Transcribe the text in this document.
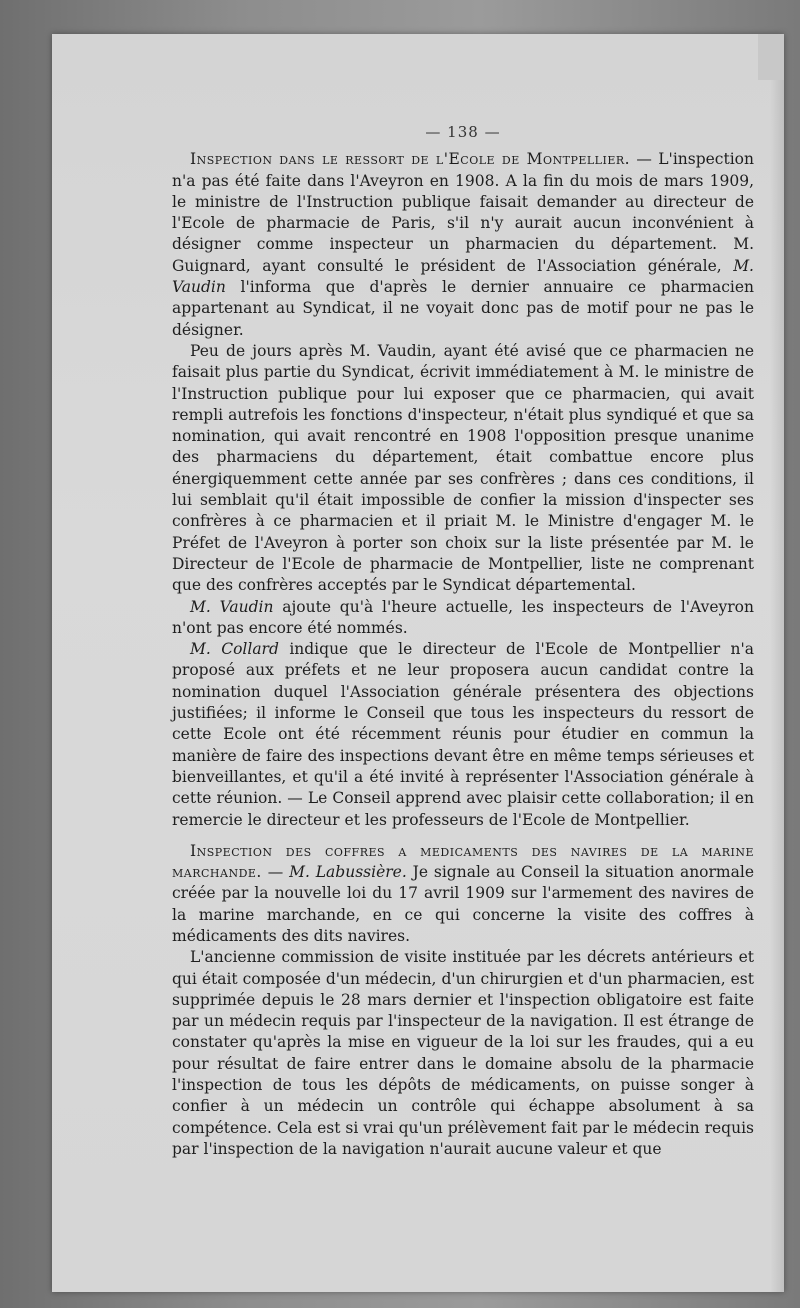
— 138 —

Inspection dans le ressort de l'Ecole de Montpellier. — L'inspection n'a pas été faite dans l'Aveyron en 1908. A la fin du mois de mars 1909, le ministre de l'Instruction publique faisait demander au directeur de l'Ecole de pharmacie de Paris, s'il n'y aurait aucun inconvénient à désigner comme inspecteur un pharmacien du département. M. Guignard, ayant consulté le président de l'Association générale, M. Vaudin l'informa que d'après le dernier annuaire ce pharmacien appartenant au Syndicat, il ne voyait donc pas de motif pour ne pas le désigner.

Peu de jours après M. Vaudin, ayant été avisé que ce pharmacien ne faisait plus partie du Syndicat, écrivit immédiatement à M. le ministre de l'Instruction publique pour lui exposer que ce pharmacien, qui avait rempli autrefois les fonctions d'inspecteur, n'était plus syndiqué et que sa nomination, qui avait rencontré en 1908 l'opposition presque unanime des pharmaciens du département, était combattue encore plus énergiquemment cette année par ses confrères ; dans ces conditions, il lui semblait qu'il était impossible de confier la mission d'inspecter ses confrères à ce pharmacien et il priait M. le Ministre d'engager M. le Préfet de l'Aveyron à porter son choix sur la liste présentée par M. le Directeur de l'Ecole de pharmacie de Montpellier, liste ne comprenant que des confrères acceptés par le Syndicat départemental.

M. Vaudin ajoute qu'à l'heure actuelle, les inspecteurs de l'Aveyron n'ont pas encore été nommés.

M. Collard indique que le directeur de l'Ecole de Montpellier n'a proposé aux préfets et ne leur proposera aucun candidat contre la nomination duquel l'Association générale présentera des objections justifiées; il informe le Conseil que tous les inspecteurs du ressort de cette Ecole ont été récemment réunis pour étudier en commun la manière de faire des inspections devant être en même temps sérieuses et bienveillantes, et qu'il a été invité à représenter l'Association générale à cette réunion. — Le Conseil apprend avec plaisir cette collaboration; il en remercie le directeur et les professeurs de l'Ecole de Montpellier.

Inspection des coffres a medicaments des navires de la marine marchande. — M. Labussière. Je signale au Conseil la situation anormale créée par la nouvelle loi du 17 avril 1909 sur l'armement des navires de la marine marchande, en ce qui concerne la visite des coffres à médicaments des dits navires.

L'ancienne commission de visite instituée par les décrets antérieurs et qui était composée d'un médecin, d'un chirurgien et d'un pharmacien, est supprimée depuis le 28 mars dernier et l'inspection obligatoire est faite par un médecin requis par l'inspecteur de la navigation. Il est étrange de constater qu'après la mise en vigueur de la loi sur les fraudes, qui a eu pour résultat de faire entrer dans le domaine absolu de la pharmacie l'inspection de tous les dépôts de médicaments, on puisse songer à confier à un médecin un contrôle qui échappe absolument à sa compétence. Cela est si vrai qu'un prélèvement fait par le médecin requis par l'inspection de la navigation n'aurait aucune valeur et que
